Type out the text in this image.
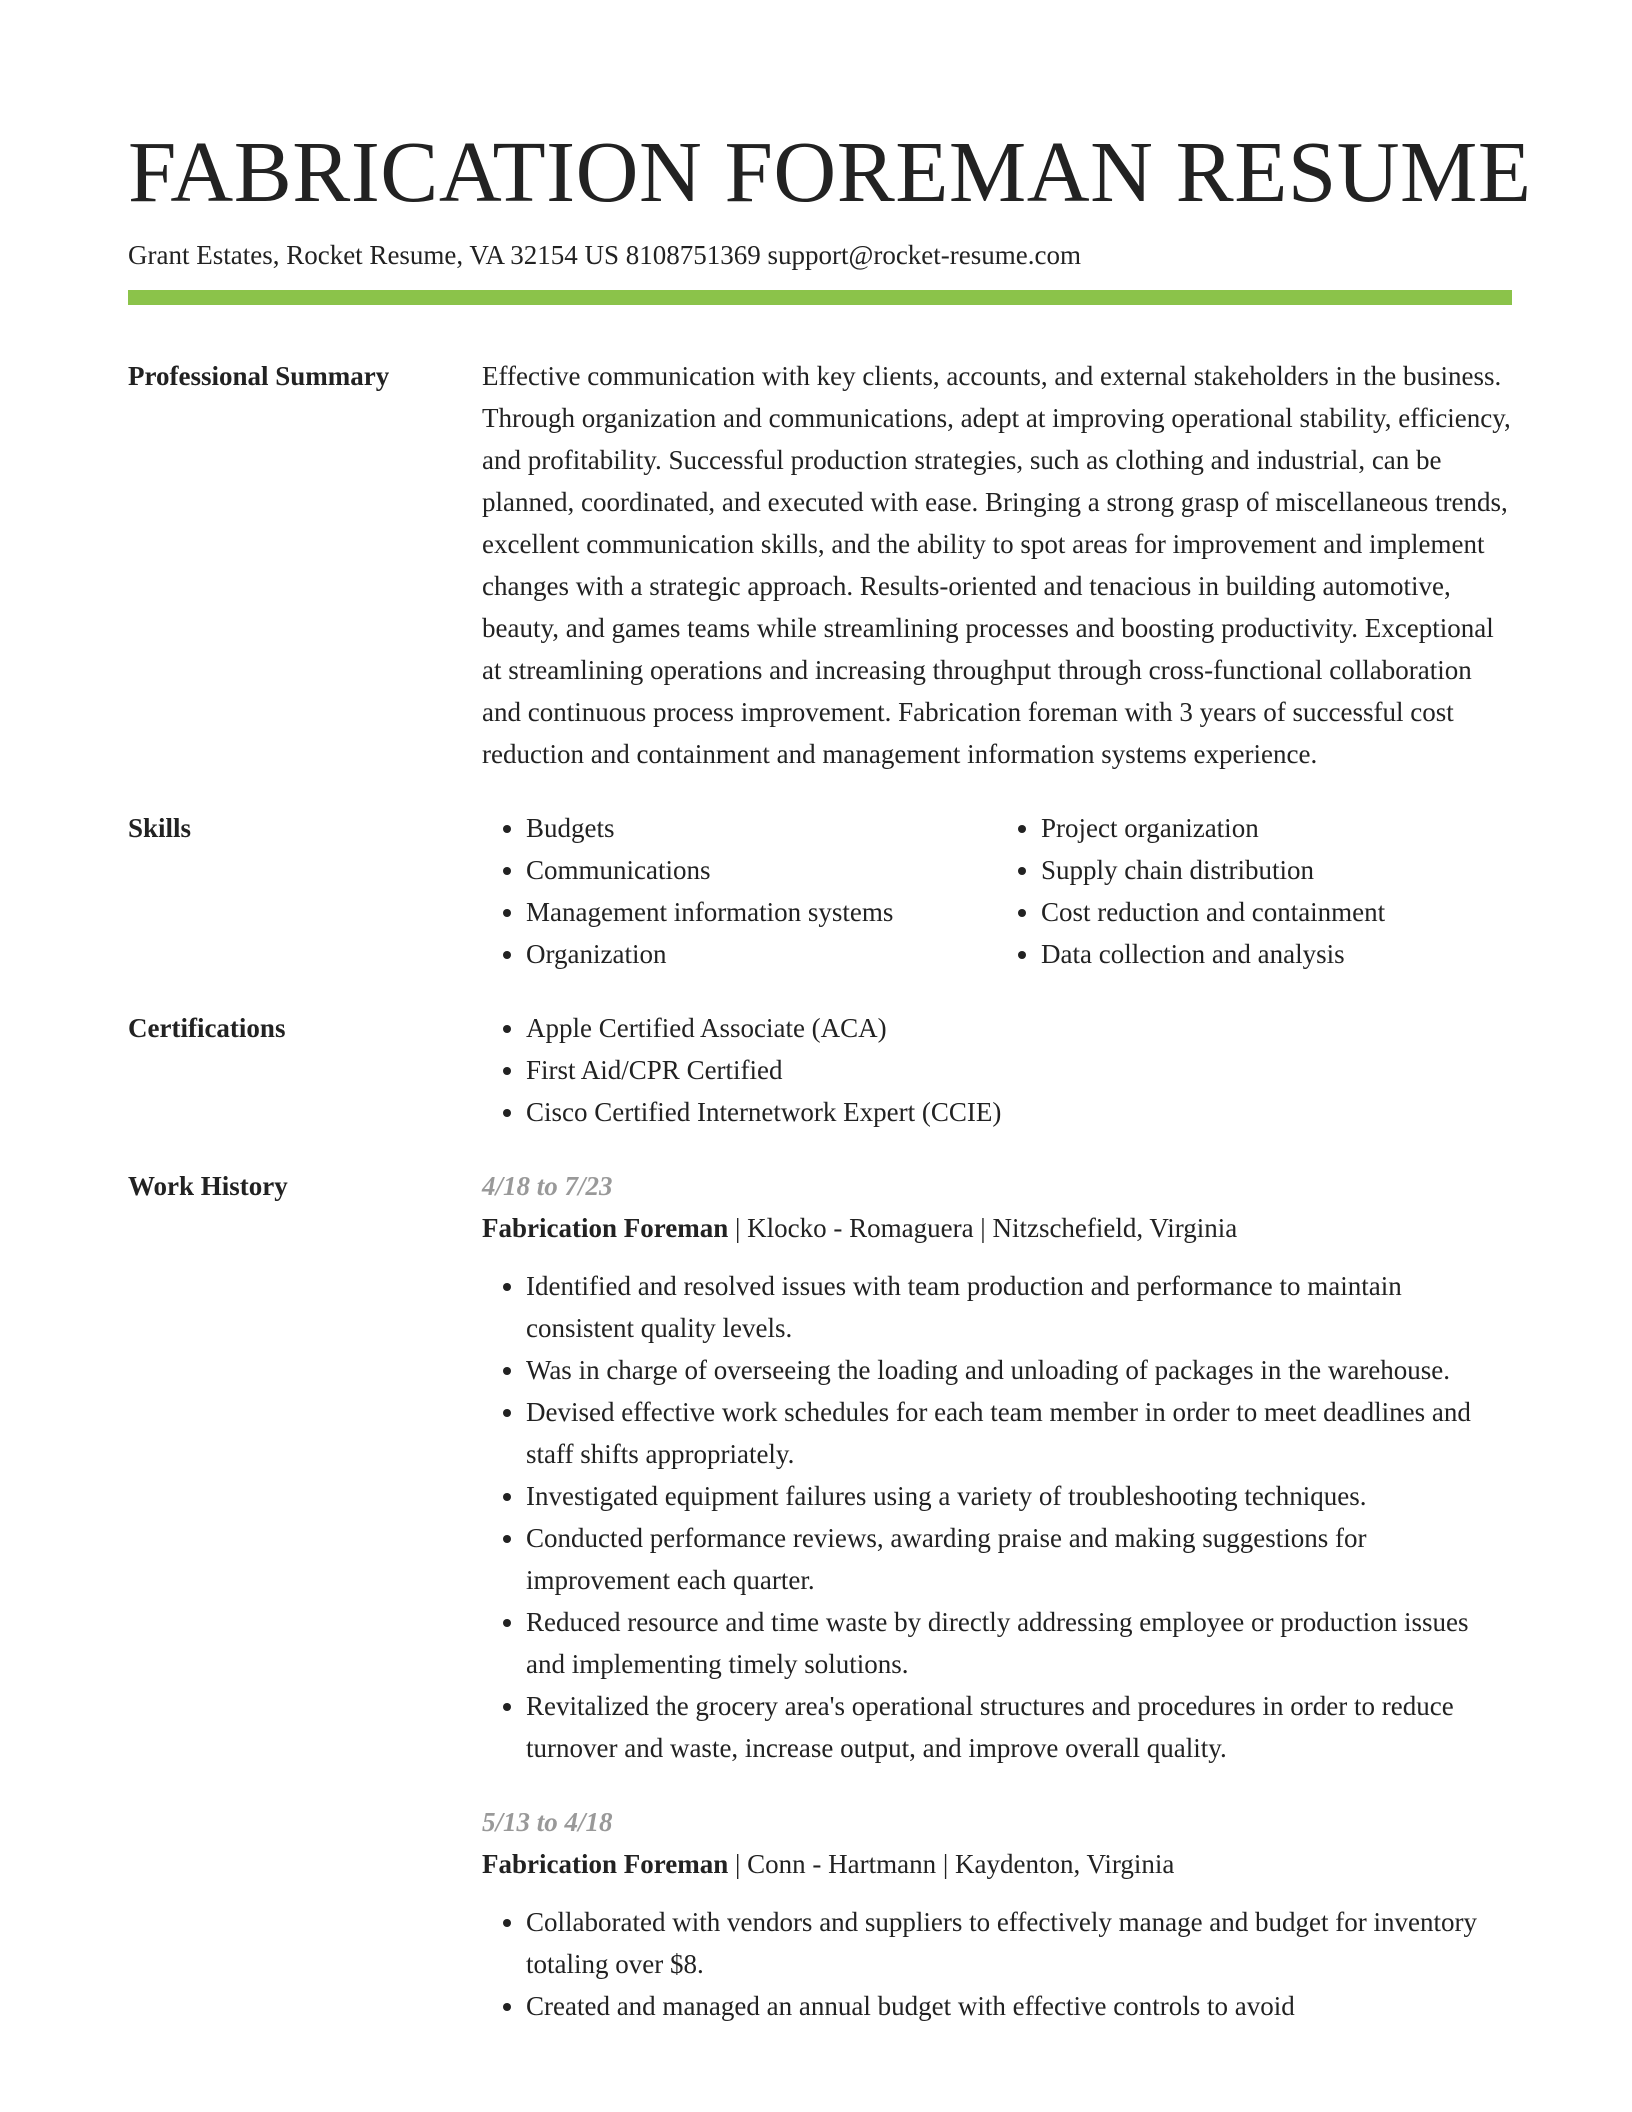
FABRICATION FOREMAN RESUME
Grant Estates, Rocket Resume, VA 32154 US 8108751369 support@rocket-resume.com
Professional Summary	Effective communication with key clients, accounts, and external stakeholders in the business. Through organization and communications, adept at improving operational stability, efficiency, and profitability. Successful production strategies, such as clothing and industrial, can be planned, coordinated, and executed with ease. Bringing a strong grasp of miscellaneous trends, excellent communication skills, and the ability to spot areas for improvement and implement changes with a strategic approach. Results-oriented and tenacious in building automotive, beauty, and games teams while streamlining processes and boosting productivity. Exceptional at streamlining operations and increasing throughput through cross-functional collaboration and continuous process improvement. Fabrication foreman with 3 years of successful cost reduction and containment and management information systems experience.

Skills	• Budgets
• Communications
• Management information systems
• Organization
• Project organization
• Supply chain distribution
• Cost reduction and containment
• Data collection and analysis
Certifications	• Apple Certified Associate (ACA)
• First Aid/CPR Certified
• Cisco Certified Internetwork Expert (CCIE)
Work History	4/18 to 7/23
Fabrication Foreman | Klocko - Romaguera | Nitzschefield, Virginia
• Identified and resolved issues with team production and performance to maintain consistent quality levels.
• Was in charge of overseeing the loading and unloading of packages in the warehouse.
• Devised effective work schedules for each team member in order to meet deadlines and staff shifts appropriately.
• Investigated equipment failures using a variety of troubleshooting techniques.
• Conducted performance reviews, awarding praise and making suggestions for improvement each quarter.
• Reduced resource and time waste by directly addressing employee or production issues and implementing timely solutions.
• Revitalized the grocery area's operational structures and procedures in order to reduce turnover and waste, increase output, and improve overall quality.
5/13 to 4/18
Fabrication Foreman | Conn - Hartmann | Kaydenton, Virginia
• Collaborated with vendors and suppliers to effectively manage and budget for inventory totaling over $8.
• Created and managed an annual budget with effective controls to avoid
